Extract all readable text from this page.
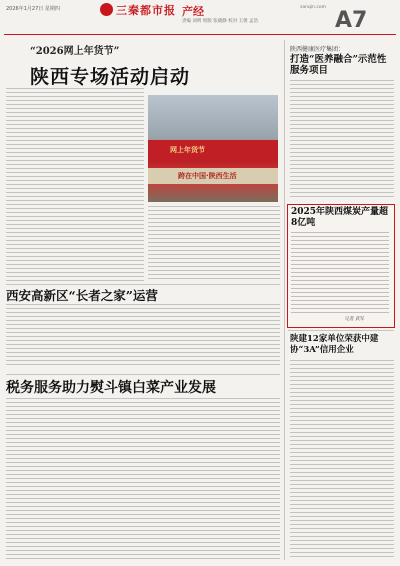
2026年1月27日 星期四	三秦都市报 产经
责编 刘明 组版 张晓静 校对 王倩 孟浩
sanqin.com
A7
“2026网上年货节”
陕西专场活动启动
网上年货节
跨在中国·陕西生活
陕西健康医疗集团：
打造“医养融合”示范性服务项目
2025年陕西煤炭产量超8亿吨
记者 武军
西安高新区“长者之家”运营
陕建12家单位荣获中建协“3A”信用企业
税务服务助力熨斗镇白菜产业发展
